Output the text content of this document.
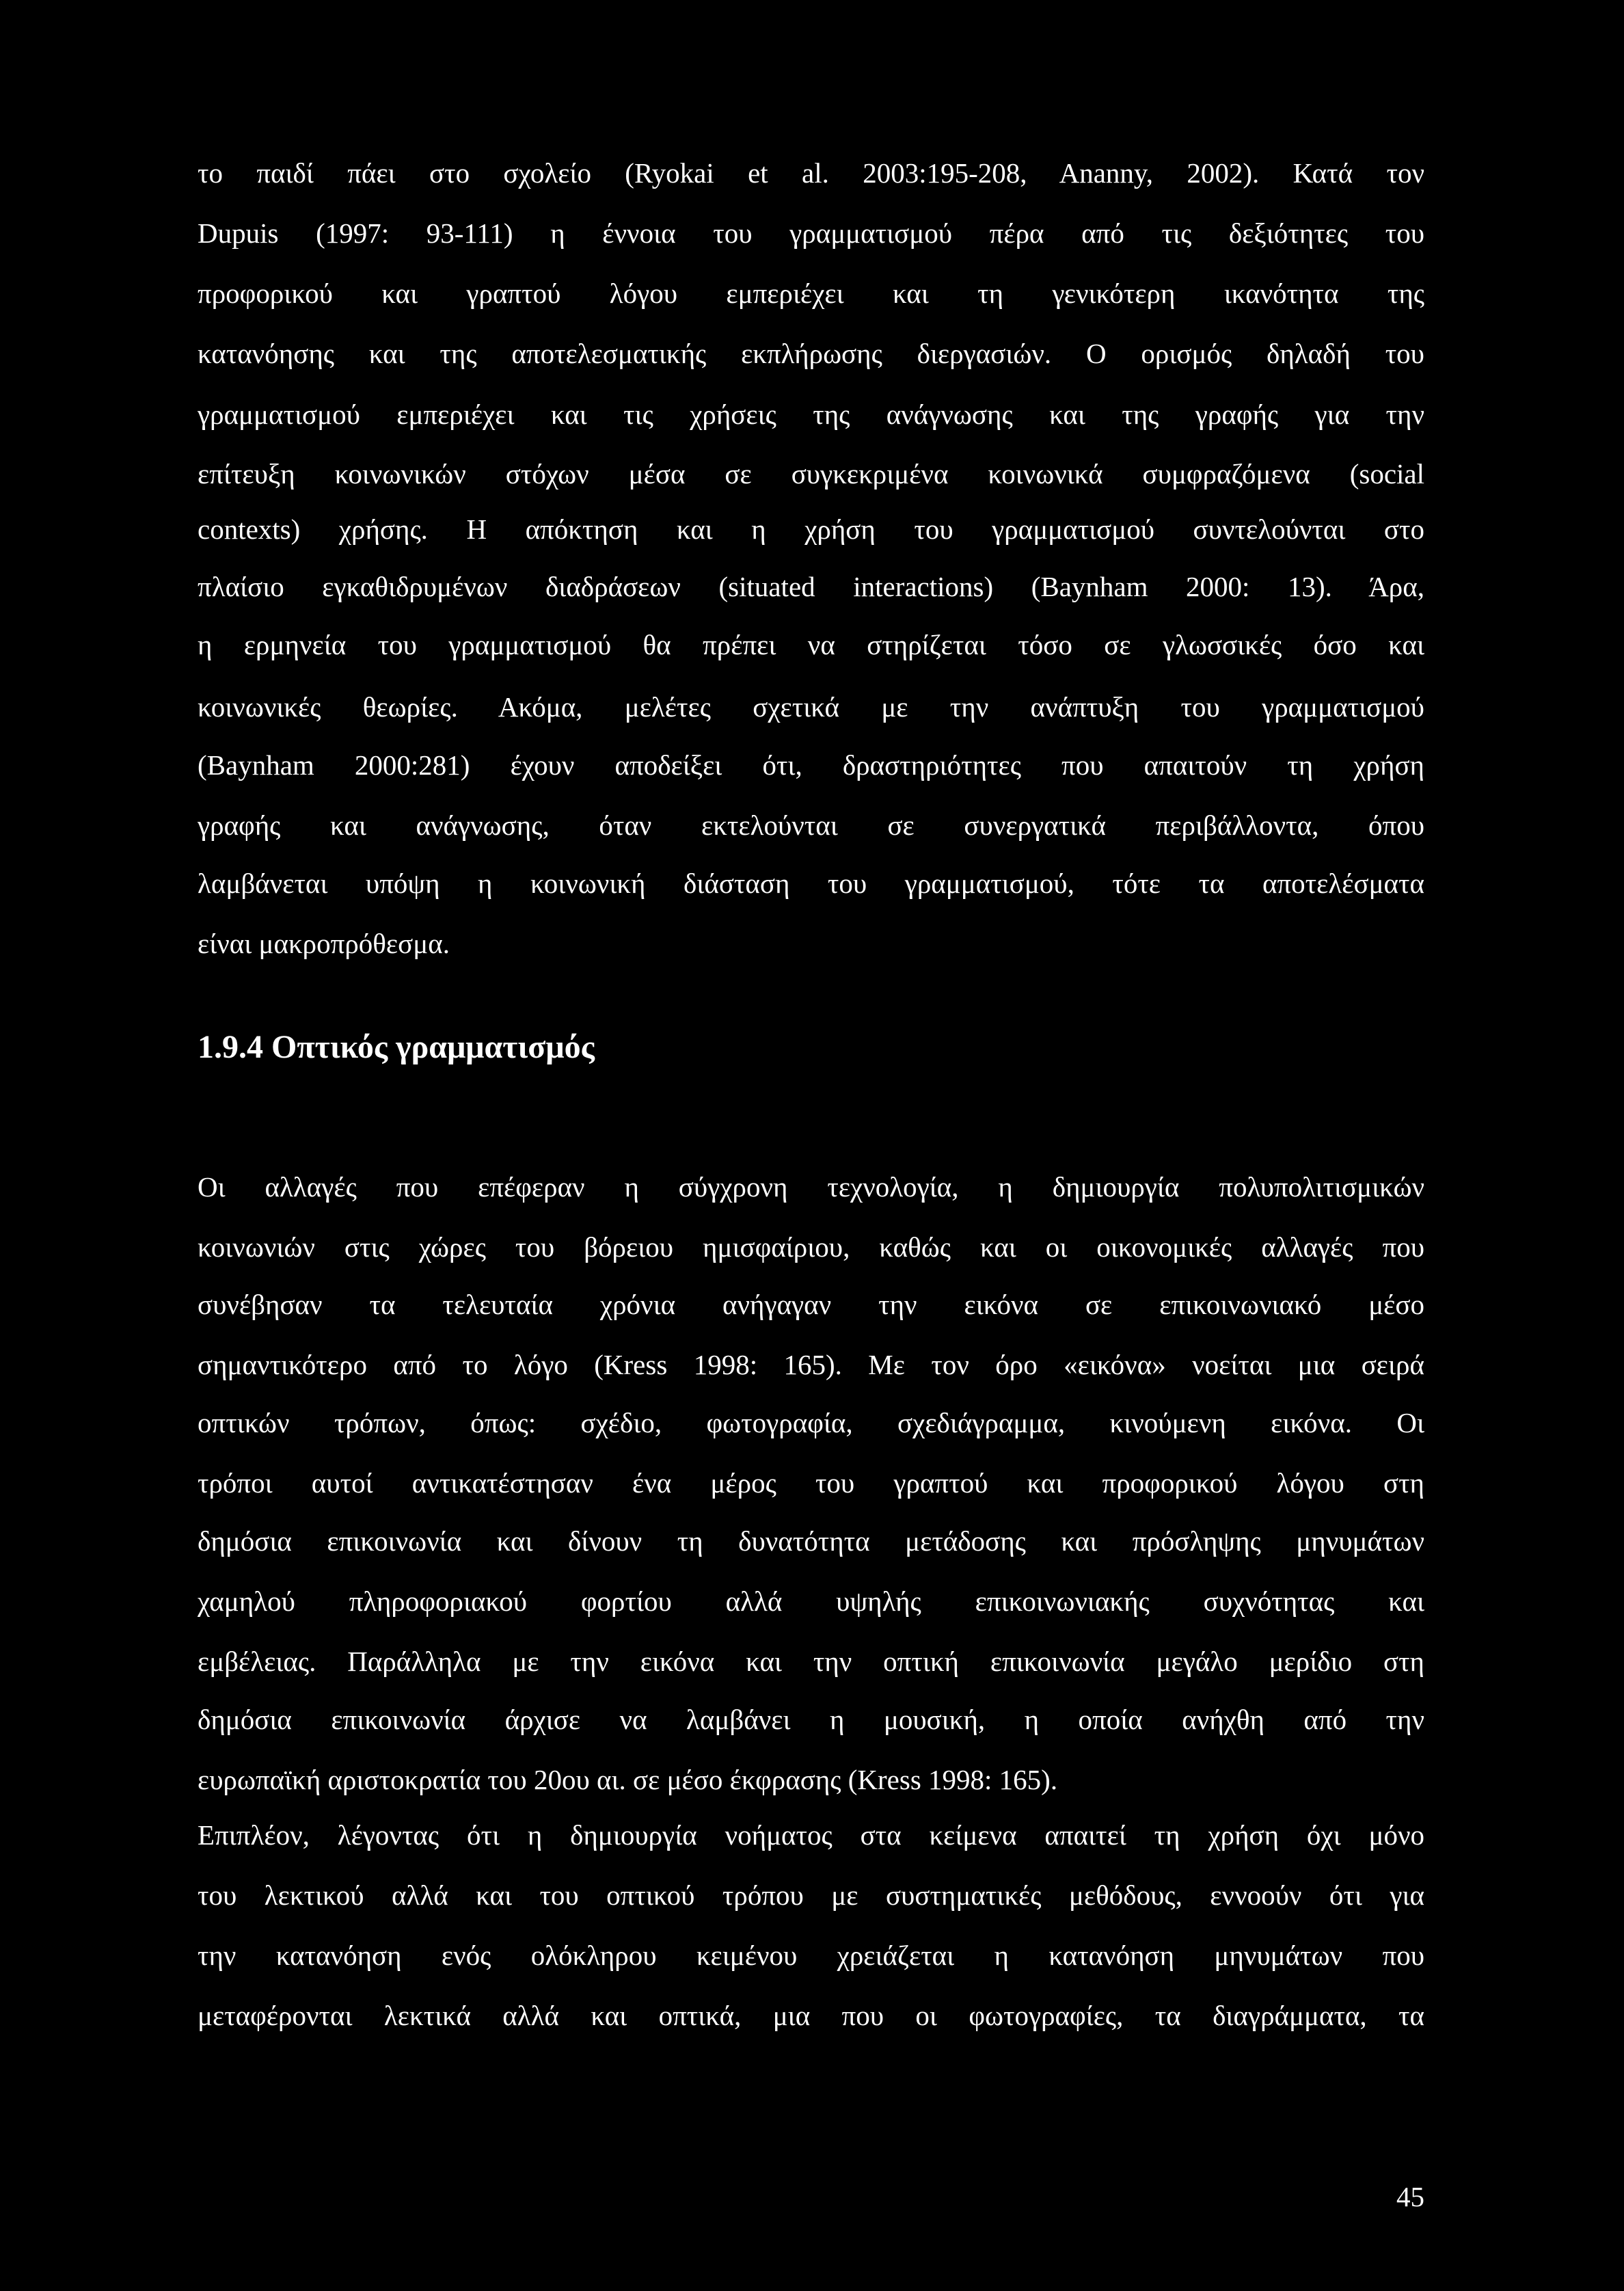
το παιδί πάει στο σχολείο (Ryokai et al. 2003:195-208, Ananny, 2002). Κατά τον
Dupuis (1997: 93-111) η έννοια του γραμματισμού πέρα από τις δεξιότητες του
προφορικού και γραπτού λόγου εμπεριέχει και τη γενικότερη ικανότητα της
κατανόησης και της αποτελεσματικής εκπλήρωσης διεργασιών. Ο ορισμός δηλαδή του
γραμματισμού εμπεριέχει και τις χρήσεις της ανάγνωσης και της γραφής για την
επίτευξη κοινωνικών στόχων μέσα σε συγκεκριμένα κοινωνικά συμφραζόμενα (social
contexts) χρήσης. Η απόκτηση και η χρήση του γραμματισμού συντελούνται στο
πλαίσιο εγκαθιδρυμένων διαδράσεων (situated interactions) (Baynham 2000: 13). Άρα,
η ερμηνεία του γραμματισμού θα πρέπει να στηρίζεται τόσο σε γλωσσικές όσο και
κοινωνικές θεωρίες. Ακόμα, μελέτες σχετικά με την ανάπτυξη του γραμματισμού
(Baynham 2000:281) έχουν αποδείξει ότι, δραστηριότητες που απαιτούν τη χρήση
γραφής και ανάγνωσης, όταν εκτελούνται σε συνεργατικά περιβάλλοντα, όπου
λαμβάνεται υπόψη η κοινωνική διάσταση του γραμματισμού, τότε τα αποτελέσματα
είναι μακροπρόθεσμα.
1.9.4 Οπτικός γραμματισμός
Οι αλλαγές που επέφεραν η σύγχρονη τεχνολογία, η δημιουργία πολυπολιτισμικών
κοινωνιών στις χώρες του βόρειου ημισφαίριου, καθώς και οι οικονομικές αλλαγές που
συνέβησαν τα τελευταία χρόνια ανήγαγαν την εικόνα σε επικοινωνιακό μέσο
σημαντικότερο από το λόγο (Kress 1998: 165). Με τον όρο «εικόνα» νοείται μια σειρά
οπτικών τρόπων, όπως: σχέδιο, φωτογραφία, σχεδιάγραμμα, κινούμενη εικόνα. Οι
τρόποι αυτοί αντικατέστησαν ένα μέρος του γραπτού και προφορικού λόγου στη
δημόσια επικοινωνία και δίνουν τη δυνατότητα μετάδοσης και πρόσληψης μηνυμάτων
χαμηλού πληροφοριακού φορτίου αλλά υψηλής επικοινωνιακής συχνότητας και
εμβέλειας. Παράλληλα με την εικόνα και την οπτική επικοινωνία μεγάλο μερίδιο στη
δημόσια επικοινωνία άρχισε να λαμβάνει η μουσική, η οποία ανήχθη από την
ευρωπαϊκή αριστοκρατία του 20ου αι. σε μέσο έκφρασης (Kress 1998: 165).
Επιπλέον, λέγοντας ότι η δημιουργία νοήματος στα κείμενα απαιτεί τη χρήση όχι μόνο
του λεκτικού αλλά και του οπτικού τρόπου με συστηματικές μεθόδους, εννοούν ότι για
την κατανόηση ενός ολόκληρου κειμένου χρειάζεται η κατανόηση μηνυμάτων που
μεταφέρονται λεκτικά αλλά και οπτικά, μια που οι φωτογραφίες, τα διαγράμματα, τα
45
